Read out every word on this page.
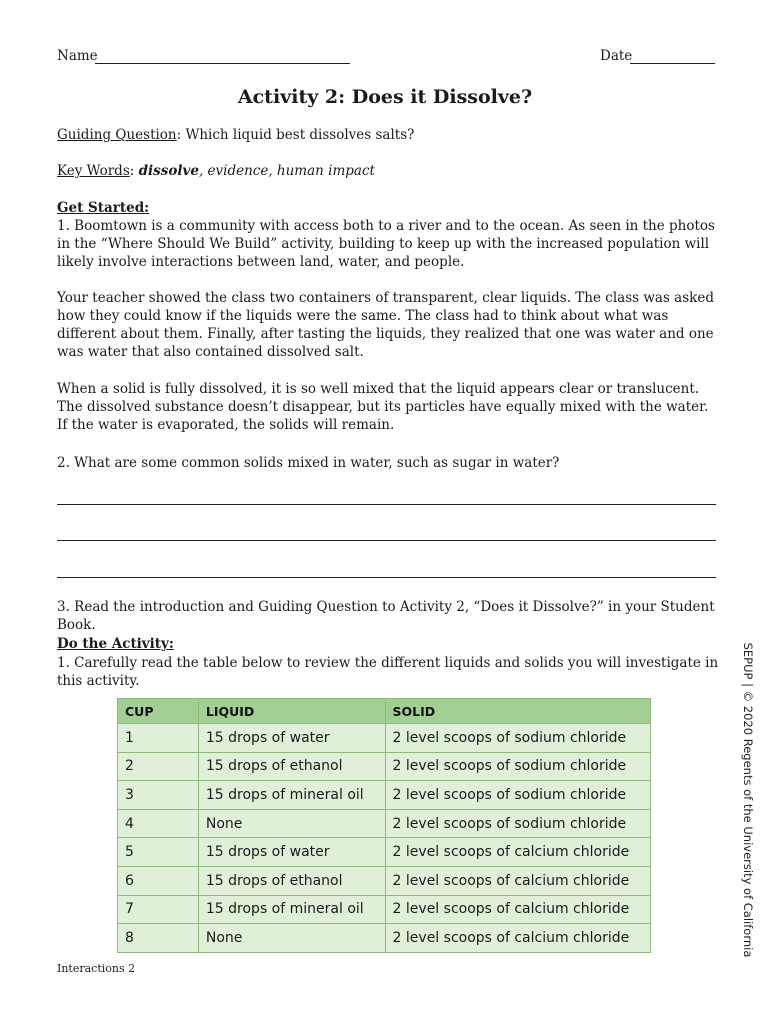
Name	Date
Activity 2: Does it Dissolve?
Guiding Question: Which liquid best dissolves salts?
Key Words: dissolve, evidence, human impact
Get Started:
1. Boomtown is a community with access both to a river and to the ocean. As seen in the photos in the “Where Should We Build” activity, building to keep up with the increased population will likely involve interactions between land, water, and people.
Your teacher showed the class two containers of transparent, clear liquids. The class was asked how they could know if the liquids were the same. The class had to think about what was different about them. Finally, after tasting the liquids, they realized that one was water and one was water that also contained dissolved salt.
When a solid is fully dissolved, it is so well mixed that the liquid appears clear or translucent. The dissolved substance doesn’t disappear, but its particles have equally mixed with the water. If the water is evaporated, the solids will remain.
2. What are some common solids mixed in water, such as sugar in water?
3. Read the introduction and Guiding Question to Activity 2, “Does it Dissolve?” in your Student Book.
Do the Activity:
1. Carefully read the table below to review the different liquids and solids you will investigate in this activity.
CUP	LIQUID	SOLID
1	15 drops of water	2 level scoops of sodium chloride
2	15 drops of ethanol	2 level scoops of sodium chloride
3	15 drops of mineral oil	2 level scoops of sodium chloride
4	None	2 level scoops of sodium chloride
5	15 drops of water	2 level scoops of calcium chloride
6	15 drops of ethanol	2 level scoops of calcium chloride
7	15 drops of mineral oil	2 level scoops of calcium chloride
8	None	2 level scoops of calcium chloride	SEPUP | © 2020 Regents of the University of California
Interactions 2
